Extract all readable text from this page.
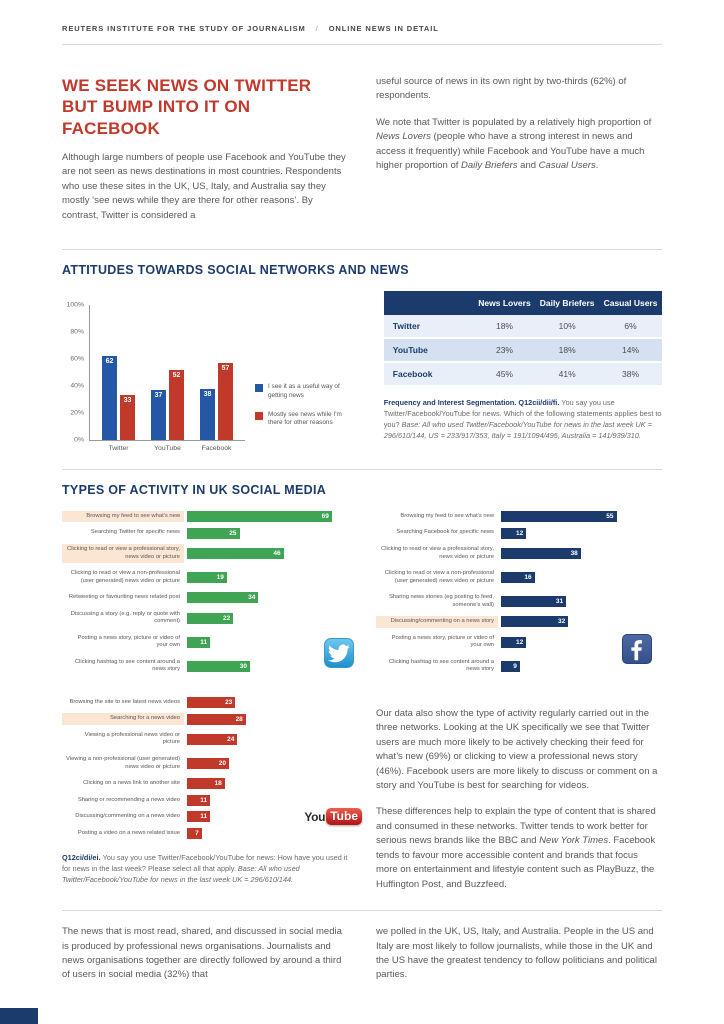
REUTERS INSTITUTE FOR THE STUDY OF JOURNALISM / ONLINE NEWS IN DETAIL
WE SEEK NEWS ON TWITTER BUT BUMP INTO IT ON FACEBOOK

Although large numbers of people use Facebook and YouTube they are not seen as news destinations in most countries. Respondents who use these sites in the UK, US, Italy, and Australia say they mostly ‘see news while they are there for other reasons’. By contrast, Twitter is considered a

useful source of news in its own right by two-thirds (62%) of respondents.

We note that Twitter is populated by a relatively high proportion of News Lovers (people who have a strong interest in news and access it frequently) while Facebook and YouTube have a much higher proportion of Daily Briefers and Casual Users.

ATTITUDES TOWARDS SOCIAL NETWORKS AND NEWS
100%
80%
60%
40%
20%
0%
62
33
37
52
38
57
Twitter	YouTube	Facebook
I see it as a useful way of getting news
Mostly see news while I’m there for other reasons
	News Lovers	Daily Briefers	Casual Users
Twitter	18%	10%	6%
YouTube	23%	18%	14%
Facebook	45%	41%	38%

Frequency and Interest Segmentation. Q12cii/dii/fi. You say you use Twitter/Facebook/YouTube for news. Which of the following statements applies best to you? Base: All who used Twitter/Facebook/YouTube for news in the last week UK = 296/610/144, US = 233/917/353, Italy = 191/1094/495, Australia = 141/939/310.

TYPES OF ACTIVITY IN UK SOCIAL MEDIA
Browsing my feed to see what’s new	69
Searching Twitter for specific news	25
Clicking to read or view a professional story, news video or picture	46
Clicking to read or view a non-professional (user generated) news video or picture	19
Retweeting or favouriting news related post	34
Discussing a story (e.g. reply or quote with comment)	22
Posting a news story, picture or video of your own	11
Clicking hashtag to see content around a news story	30
Browsing my feed to see what’s new	55
Searching Facebook for specific news	12
Clicking to read or view a professional story, news video or picture	38
Clicking to read or view a non-professional (user generated) news video or picture	16
Sharing news stories (eg posting to feed, someone’s wall)	31
Discussing/commenting on a news story	32
Posting a news story, picture or video of your own	12
Clicking hashtag to see content around a news story	9
You Tube
Browsing the site to see latest news videos	23
Searching for a news video	28
Viewing a professional news video or picture	24
Viewing a non-professional (user generated) news video or picture	20
Clicking on a news link to another site	18
Sharing or recommending a news video	11
Discussing/commenting on a news video	11
Posting a video on a news related issue	7

Q12ci/di/ei. You say you use Twitter/Facebook/YouTube for news: How have you used it for news in the last week? Please select all that apply. Base: All who used Twitter/Facebook/YouTube for news in the last week UK = 296/610/144.

Our data also show the type of activity regularly carried out in the three networks. Looking at the UK specifically we see that Twitter users are much more likely to be actively checking their feed for what’s new (69%) or clicking to view a professional news story (46%). Facebook users are more likely to discuss or comment on a story and YouTube is best for searching for videos.

These differences help to explain the type of content that is shared and consumed in these networks. Twitter tends to work better for serious news brands like the BBC and New York Times. Facebook tends to favour more accessible content and brands that focus more on entertainment and lifestyle content such as PlayBuzz, the Huffington Post, and Buzzfeed.

The news that is most read, shared, and discussed in social media is produced by professional news organisations. Journalists and news organisations together are directly followed by around a third of users in social media (32%) that

we polled in the UK, US, Italy, and Australia. People in the US and Italy are most likely to follow journalists, while those in the UK and the US have the greatest tendency to follow politicians and political parties.
